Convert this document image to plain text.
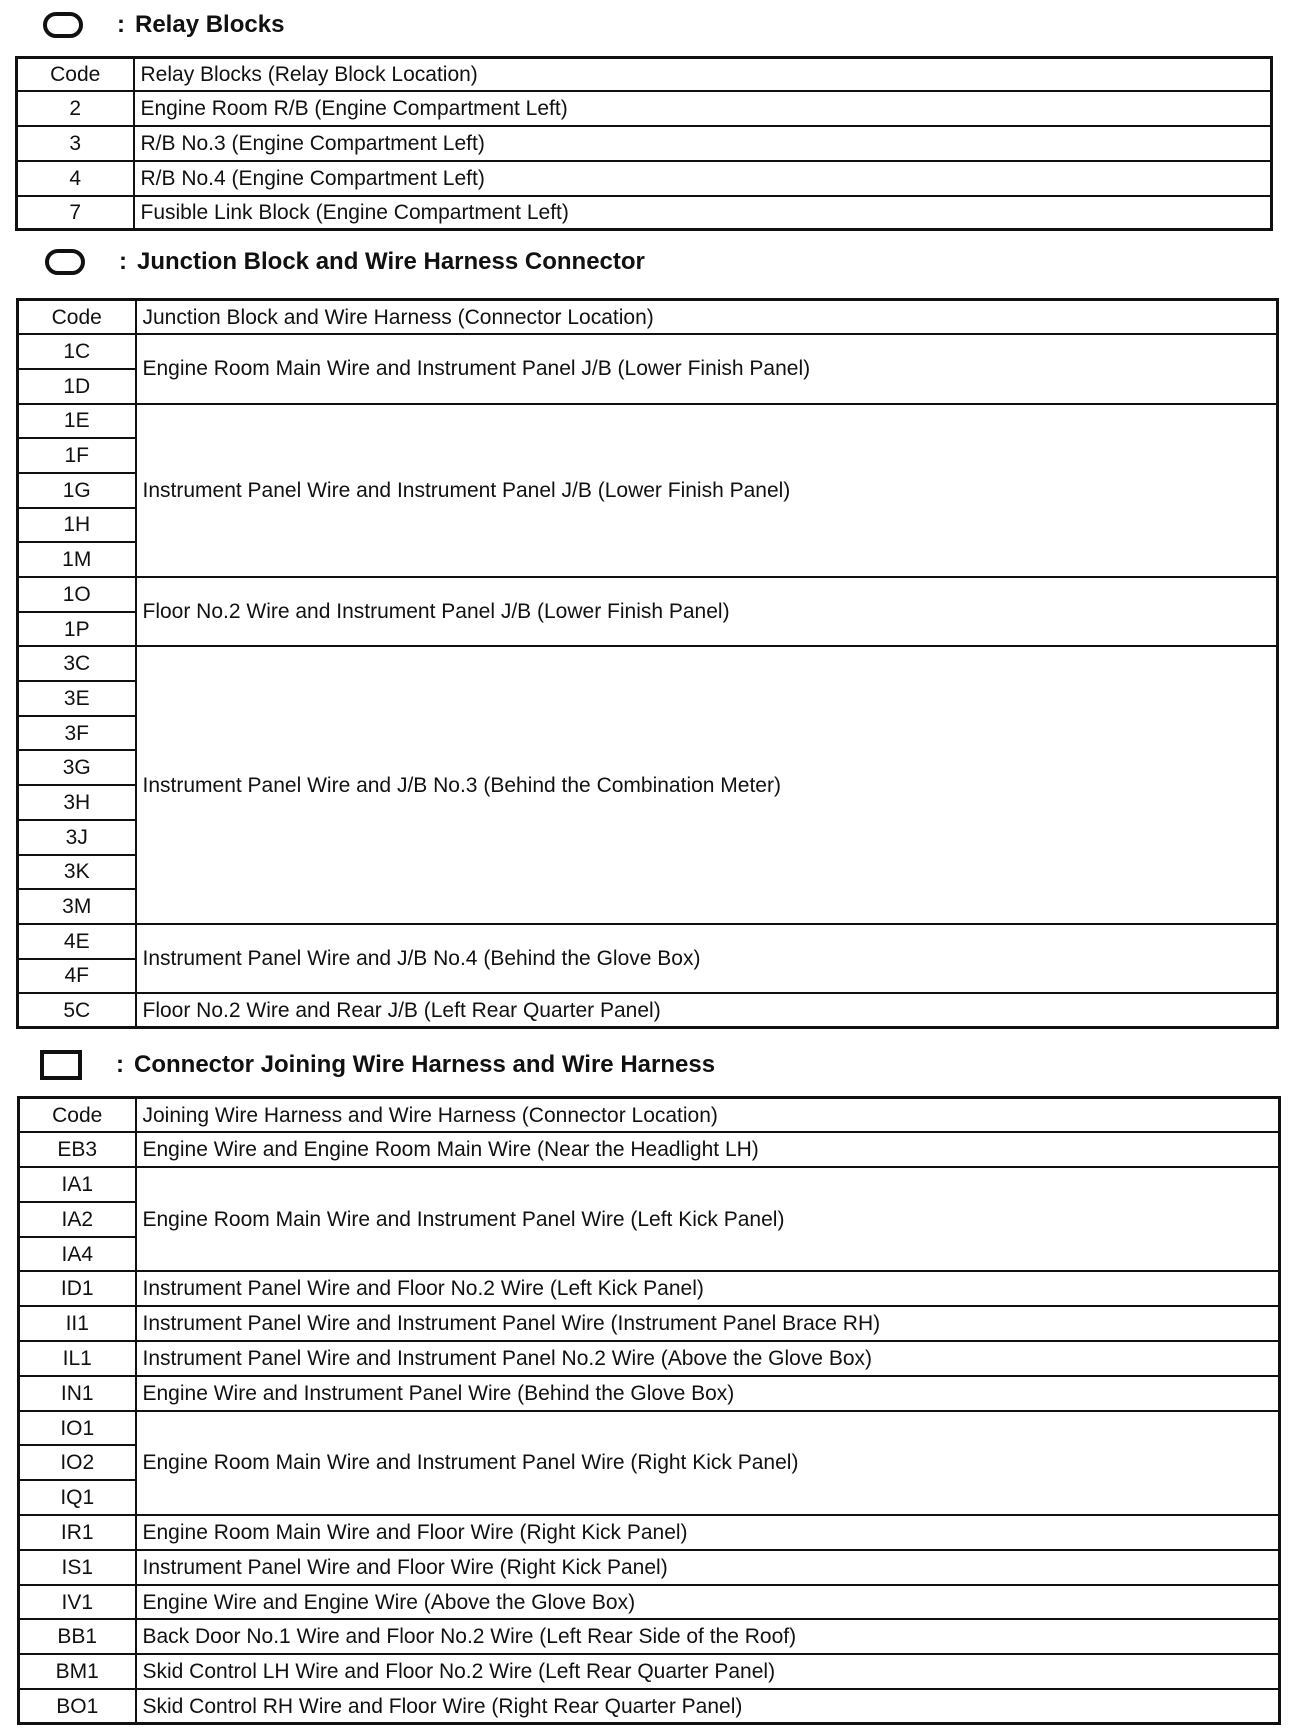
: Relay Blocks
Code	Relay Blocks (Relay Block Location)
2	Engine Room R/B (Engine Compartment Left)
3	R/B No.3 (Engine Compartment Left)
4	R/B No.4 (Engine Compartment Left)
7	Fusible Link Block (Engine Compartment Left)
: Junction Block and Wire Harness Connector
Code	Junction Block and Wire Harness (Connector Location)
1C	Engine Room Main Wire and Instrument Panel J/B (Lower Finish Panel)
1D	
1E	Instrument Panel Wire and Instrument Panel J/B (Lower Finish Panel)
1F	
1G	
1H	
1M	
1O	Floor No.2 Wire and Instrument Panel J/B (Lower Finish Panel)
1P	
3C	Instrument Panel Wire and J/B No.3 (Behind the Combination Meter)
3E	
3F	
3G	
3H	
3J	
3K	
3M	
4E	Instrument Panel Wire and J/B No.4 (Behind the Glove Box)
4F	
5C	Floor No.2 Wire and Rear J/B (Left Rear Quarter Panel)
: Connector Joining Wire Harness and Wire Harness
Code	Joining Wire Harness and Wire Harness (Connector Location)
EB3	Engine Wire and Engine Room Main Wire (Near the Headlight LH)
IA1	Engine Room Main Wire and Instrument Panel Wire (Left Kick Panel)
IA2	
IA4	
ID1	Instrument Panel Wire and Floor No.2 Wire (Left Kick Panel)
II1	Instrument Panel Wire and Instrument Panel Wire (Instrument Panel Brace RH)
IL1	Instrument Panel Wire and Instrument Panel No.2 Wire (Above the Glove Box)
IN1	Engine Wire and Instrument Panel Wire (Behind the Glove Box)
IO1	Engine Room Main Wire and Instrument Panel Wire (Right Kick Panel)
IO2	
IQ1	
IR1	Engine Room Main Wire and Floor Wire (Right Kick Panel)
IS1	Instrument Panel Wire and Floor Wire (Right Kick Panel)
IV1	Engine Wire and Engine Wire (Above the Glove Box)
BB1	Back Door No.1 Wire and Floor No.2 Wire (Left Rear Side of the Roof)
BM1	Skid Control LH Wire and Floor No.2 Wire (Left Rear Quarter Panel)
BO1	Skid Control RH Wire and Floor Wire (Right Rear Quarter Panel)
